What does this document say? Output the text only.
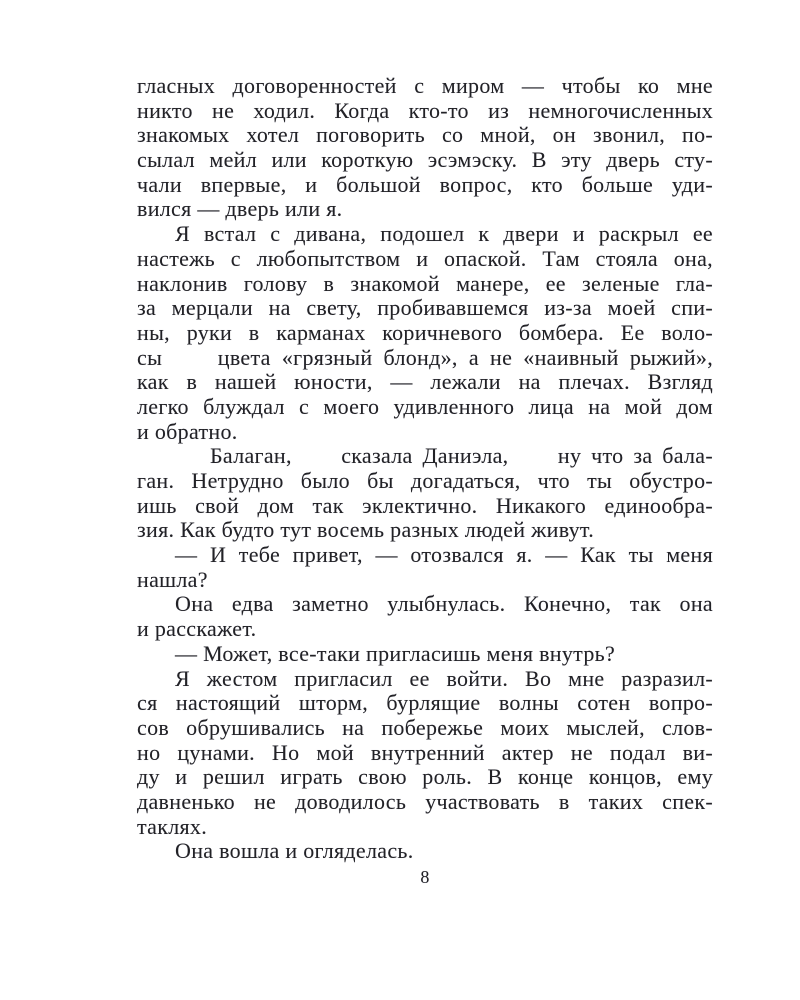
гласных договоренностей с миром — чтобы ко мне
никто не ходил. Когда кто-то из немногочисленных
знакомых хотел поговорить со мной, он звонил, по-
сылал мейл или короткую эсэмэску. В эту дверь сту-
чали впервые, и большой вопрос, кто больше уди-
вился — дверь или я.
Я встал с дивана, подошел к двери и раскрыл ее
настежь с любопытством и опаской. Там стояла она,
наклонив голову в знакомой манере, ее зеленые гла-
за мерцали на свету, пробивавшемся из-за моей спи-
ны, руки в карманах коричневого бомбера. Ее воло-
сы     цвета «грязный блонд», а не «наивный рыжий»,
как в нашей юности, — лежали на плечах. Взгляд
легко блуждал с моего удивленного лица на мой дом
и обратно.
Балаган,     сказала Даниэла,     ну что за бала-
ган. Нетрудно было бы догадаться, что ты обустро-
ишь свой дом так эклектично. Никакого единообра-
зия. Как будто тут восемь разных людей живут.
— И тебе привет, — отозвался я. — Как ты меня
нашла?
Она едва заметно улыбнулась. Конечно, так она
и расскажет.
— Может, все-таки пригласишь меня внутрь?
Я жестом пригласил ее войти. Во мне разразил-
ся настоящий шторм, бурлящие волны сотен вопро-
сов обрушивались на побережье моих мыслей, слов-
но цунами. Но мой внутренний актер не подал ви-
ду и решил играть свою роль. В конце концов, ему
давненько не доводилось участвовать в таких спек-
таклях.
Она вошла и огляделась.
8
